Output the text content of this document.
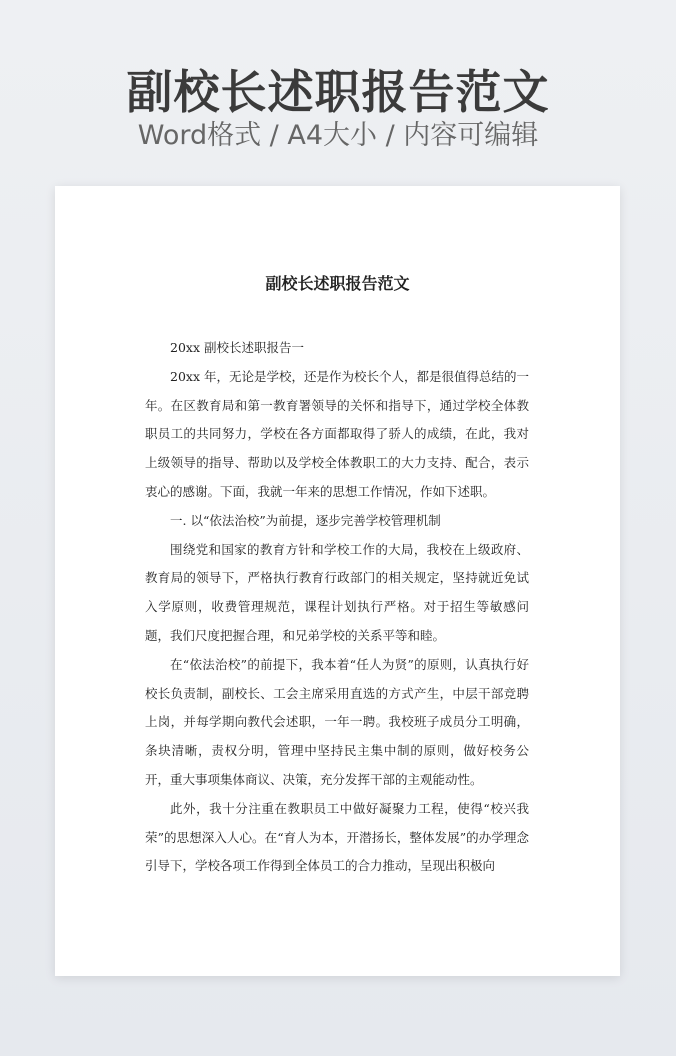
副校长述职报告范文
Word格式 / A4大小 / 内容可编辑
副校长述职报告范文

20xx 副校长述职报告一

20xx 年，无论是学校，还是作为校长个人，都是很值得总结的一年。在区教育局和第一教育署领导的关怀和指导下，通过学校全体教职员工的共同努力，学校在各方面都取得了骄人的成绩，在此，我对上级领导的指导、帮助以及学校全体教职工的大力支持、配合，表示衷心的感谢。下面，我就一年来的思想工作情况，作如下述职。

一. 以“依法治校”为前提，逐步完善学校管理机制

围绕党和国家的教育方针和学校工作的大局，我校在上级政府、教育局的领导下，严格执行教育行政部门的相关规定，坚持就近免试入学原则，收费管理规范，课程计划执行严格。对于招生等敏感问题，我们尺度把握合理，和兄弟学校的关系平等和睦。

在“依法治校”的前提下，我本着“任人为贤”的原则，认真执行好校长负责制，副校长、工会主席采用直选的方式产生，中层干部竞聘上岗，并每学期向教代会述职，一年一聘。我校班子成员分工明确，条块清晰，责权分明，管理中坚持民主集中制的原则，做好校务公开，重大事项集体商议、决策，充分发挥干部的主观能动性。

此外，我十分注重在教职员工中做好凝聚力工程，使得“校兴我荣”的思想深入人心。在“育人为本，开潜扬长，整体发展”的办学理念引导下，学校各项工作得到全体员工的合力推动，呈现出积极向
